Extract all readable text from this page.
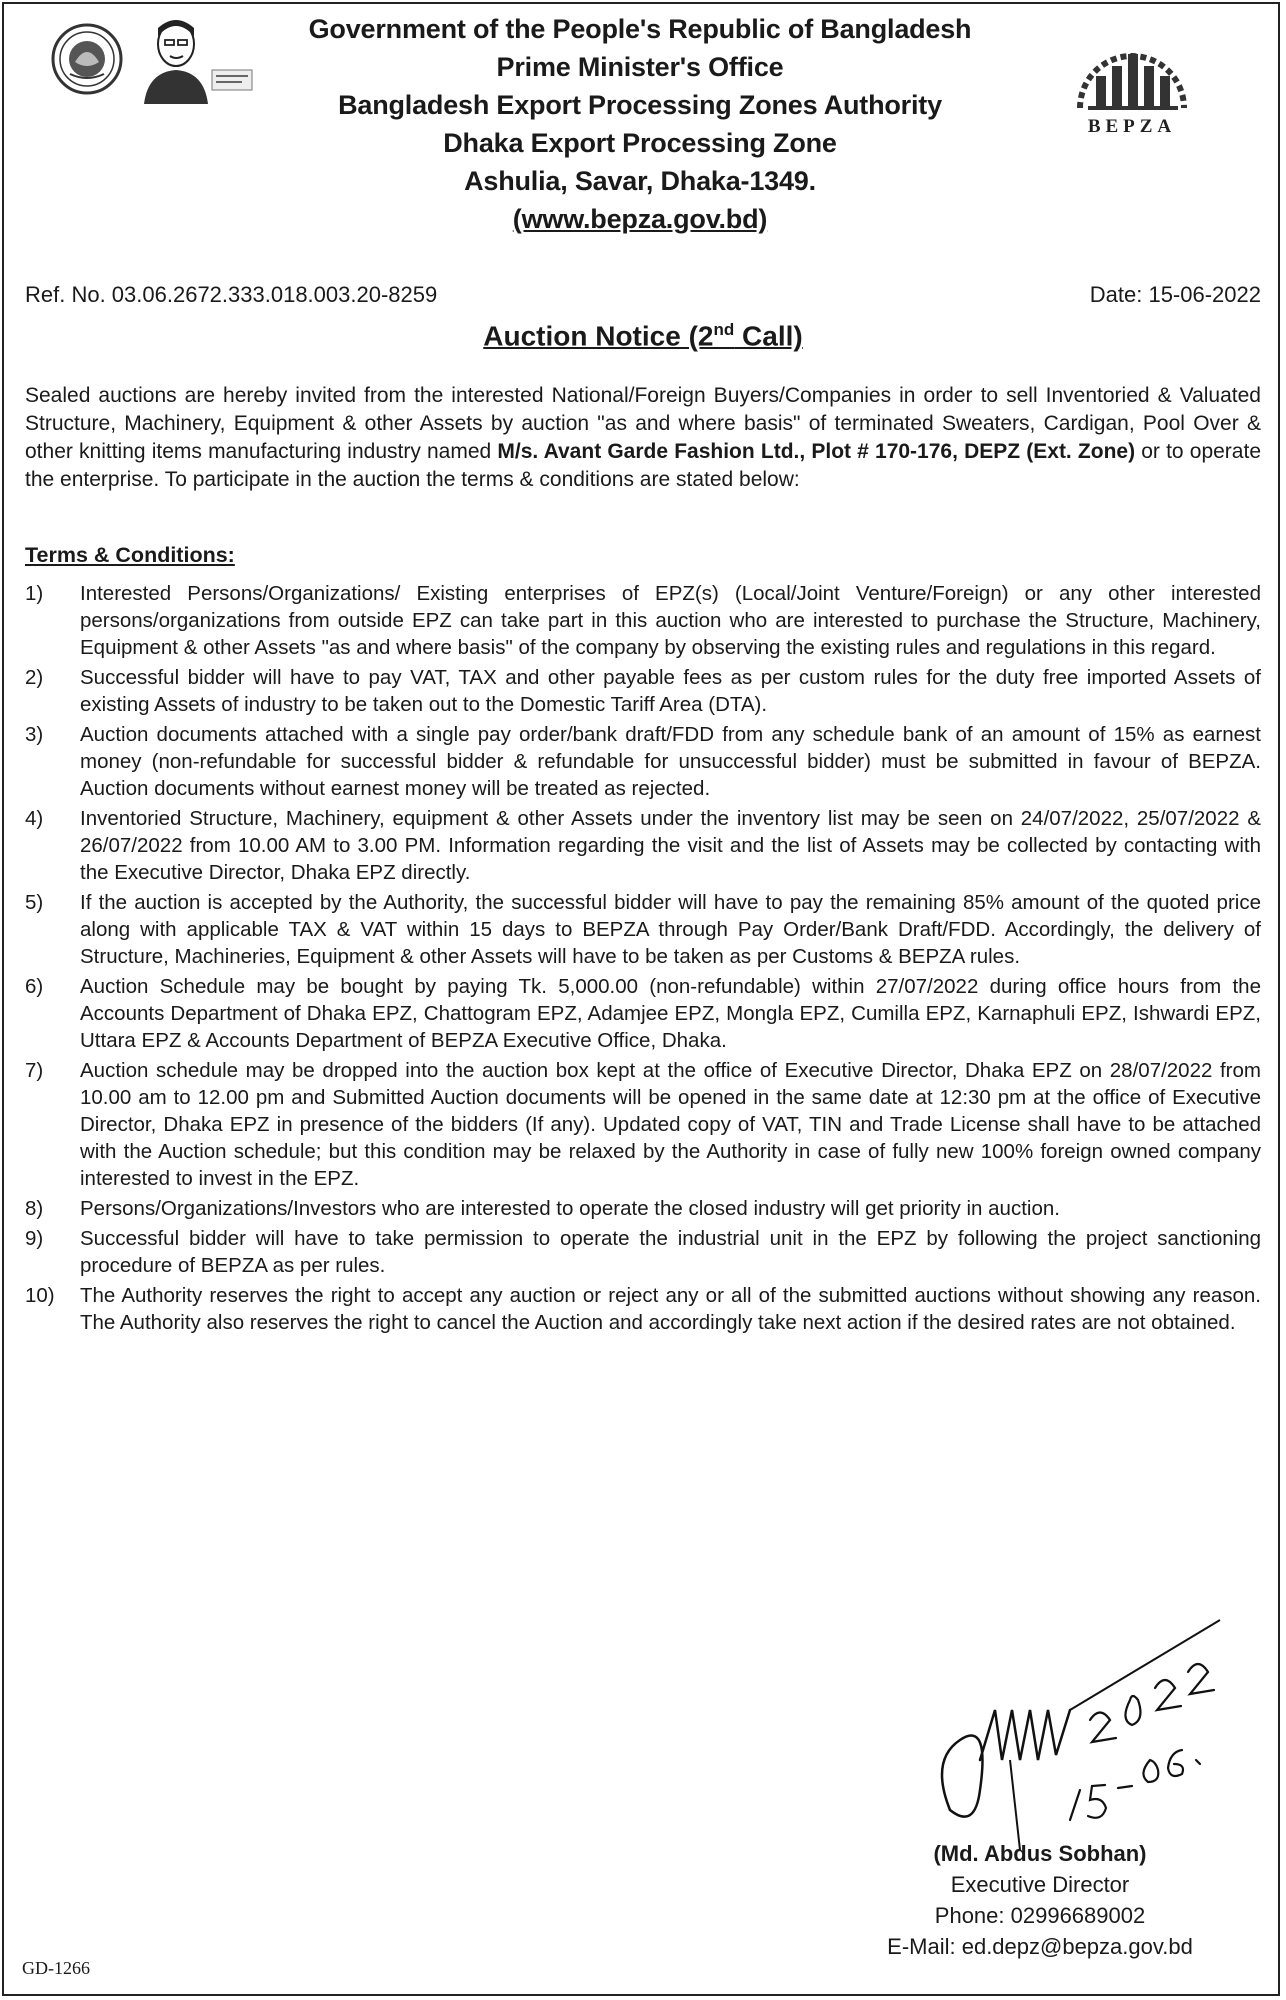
Government of the People's Republic of Bangladesh
Prime Minister's Office
Bangladesh Export Processing Zones Authority
Dhaka Export Processing Zone
Ashulia, Savar, Dhaka-1349.
(www.bepza.gov.bd)
BEPZA
Ref. No. 03.06.2672.333.018.003.20-8259	Date: 15-06-2022
Auction Notice (2nd Call)
Sealed auctions are hereby invited from the interested National/Foreign Buyers/Companies in order to sell Inventoried & Valuated Structure, Machinery, Equipment & other Assets by auction "as and where basis" of terminated Sweaters, Cardigan, Pool Over & other knitting items manufacturing industry named M/s. Avant Garde Fashion Ltd., Plot # 170-176, DEPZ (Ext. Zone) or to operate the enterprise. To participate in the auction the terms & conditions are stated below:
Terms & Conditions:
1)	Interested Persons/Organizations/ Existing enterprises of EPZ(s) (Local/Joint Venture/Foreign) or any other interested persons/organizations from outside EPZ can take part in this auction who are interested to purchase the Structure, Machinery, Equipment & other Assets "as and where basis" of the company by observing the existing rules and regulations in this regard.
2)	Successful bidder will have to pay VAT, TAX and other payable fees as per custom rules for the duty free imported Assets of existing Assets of industry to be taken out to the Domestic Tariff Area (DTA).
3)	Auction documents attached with a single pay order/bank draft/FDD from any schedule bank of an amount of 15% as earnest money (non-refundable for successful bidder & refundable for unsuccessful bidder) must be submitted in favour of BEPZA. Auction documents without earnest money will be treated as rejected.
4)	Inventoried Structure, Machinery, equipment & other Assets under the inventory list may be seen on 24/07/2022, 25/07/2022 & 26/07/2022 from 10.00 AM to 3.00 PM. Information regarding the visit and the list of Assets may be collected by contacting with the Executive Director, Dhaka EPZ directly.
5)	If the auction is accepted by the Authority, the successful bidder will have to pay the remaining 85% amount of the quoted price along with applicable TAX & VAT within 15 days to BEPZA through Pay Order/Bank Draft/FDD. Accordingly, the delivery of Structure, Machineries, Equipment & other Assets will have to be taken as per Customs & BEPZA rules.
6)	Auction Schedule may be bought by paying Tk. 5,000.00 (non-refundable) within 27/07/2022 during office hours from the Accounts Department of Dhaka EPZ, Chattogram EPZ, Adamjee EPZ, Mongla EPZ, Cumilla EPZ, Karnaphuli EPZ, Ishwardi EPZ, Uttara EPZ & Accounts Department of BEPZA Executive Office, Dhaka.
7)	Auction schedule may be dropped into the auction box kept at the office of Executive Director, Dhaka EPZ on 28/07/2022 from 10.00 am to 12.00 pm and Submitted Auction documents will be opened in the same date at 12:30 pm at the office of Executive Director, Dhaka EPZ in presence of the bidders (If any). Updated copy of VAT, TIN and Trade License shall have to be attached with the Auction schedule; but this condition may be relaxed by the Authority in case of fully new 100% foreign owned company interested to invest in the EPZ.
8)	Persons/Organizations/Investors who are interested to operate the closed industry will get priority in auction.
9)	Successful bidder will have to take permission to operate the industrial unit in the EPZ by following the project sanctioning procedure of BEPZA as per rules.
10)	The Authority reserves the right to accept any auction or reject any or all of the submitted auctions without showing any reason. The Authority also reserves the right to cancel the Auction and accordingly take next action if the desired rates are not obtained.
(Md. Abdus Sobhan)
Executive Director
Phone: 02996689002
E-Mail: ed.depz@bepza.gov.bd
GD-1266
